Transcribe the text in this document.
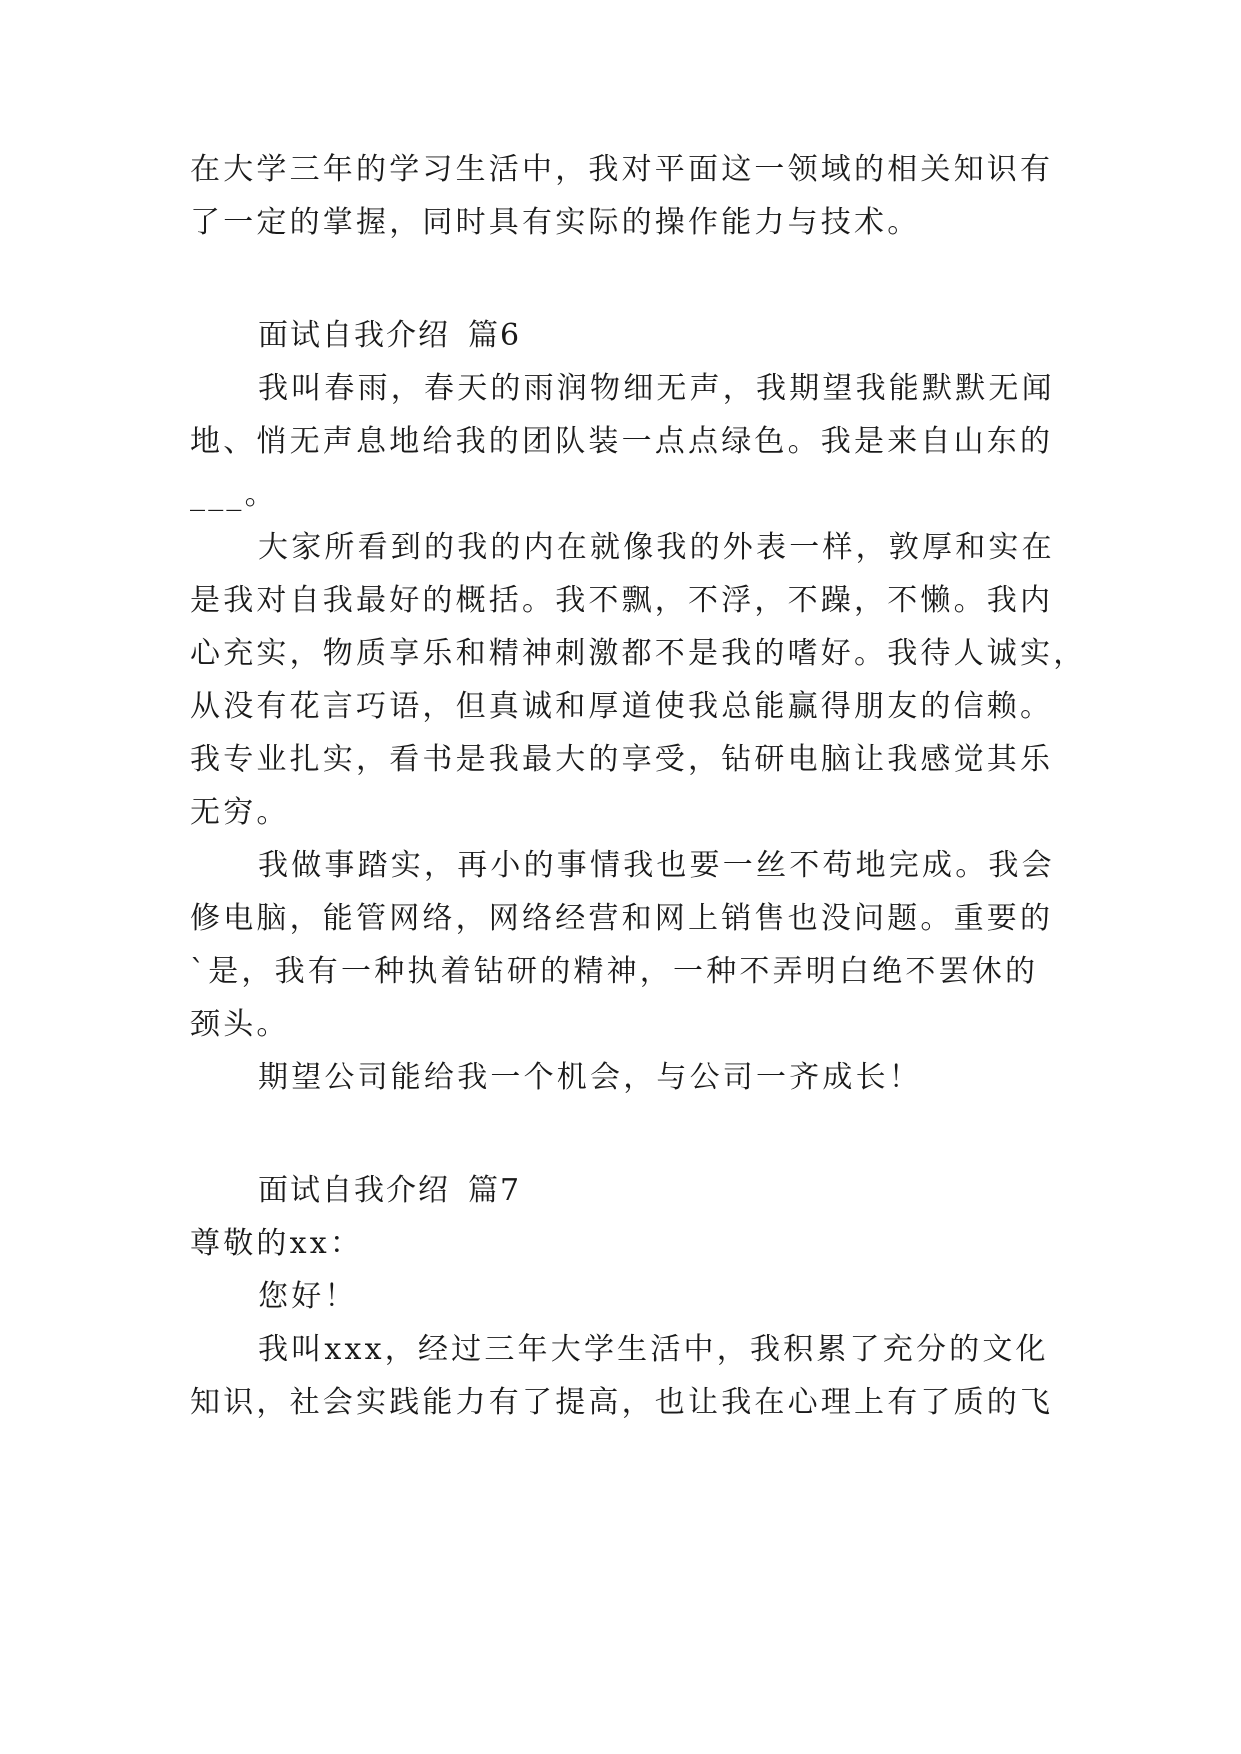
在大学三年的学习生活中，我对平面这一领域的相关知识有
了一定的掌握，同时具有实际的操作能力与技术。
面试自我介绍 篇6
我叫春雨，春天的雨润物细无声，我期望我能默默无闻
地、悄无声息地给我的团队装一点点绿色。我是来自山东的
___。
大家所看到的我的内在就像我的外表一样，敦厚和实在
是我对自我最好的概括。我不飘，不浮，不躁，不懒。我内
心充实，物质享乐和精神刺激都不是我的嗜好。我待人诚实，
从没有花言巧语，但真诚和厚道使我总能赢得朋友的信赖。
我专业扎实，看书是我最大的享受，钻研电脑让我感觉其乐
无穷。
我做事踏实，再小的事情我也要一丝不苟地完成。我会
修电脑，能管网络，网络经营和网上销售也没问题。重要的
`是，我有一种执着钻研的精神，一种不弄明白绝不罢休的
颈头。
期望公司能给我一个机会，与公司一齐成长！
面试自我介绍 篇7
尊敬的xx：
您好！
我叫xxx，经过三年大学生活中，我积累了充分的文化
知识，社会实践能力有了提高，也让我在心理上有了质的飞
